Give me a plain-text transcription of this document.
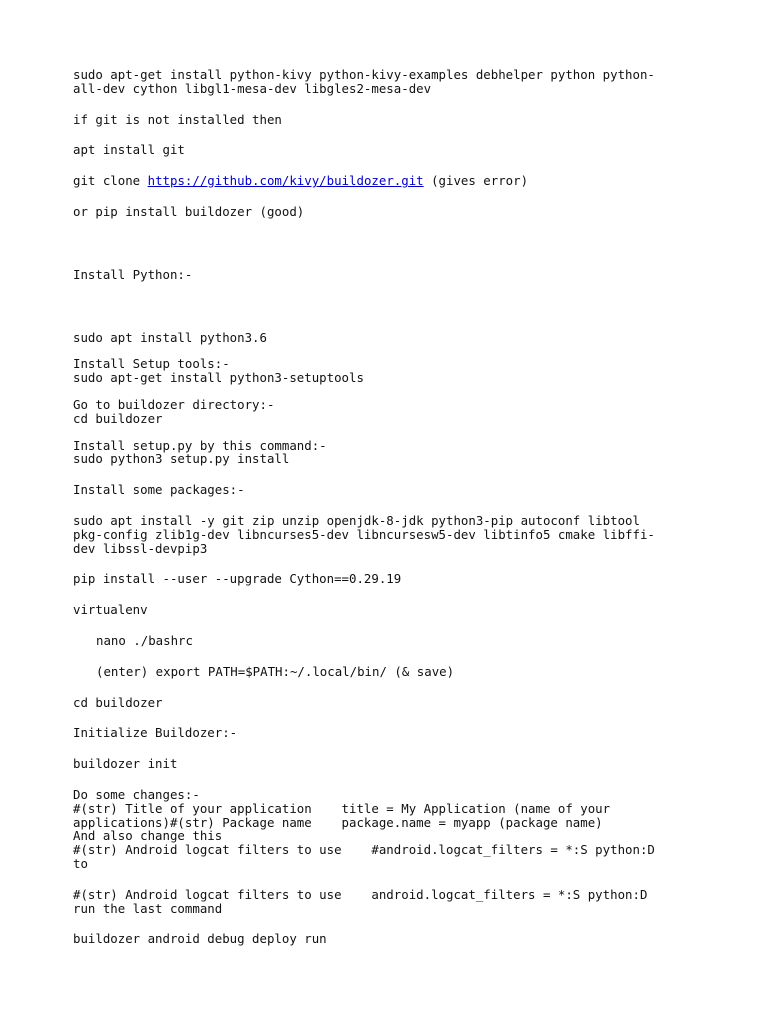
sudo apt-get install python-kivy python-kivy-examples debhelper python python-
all-dev cython libgl1-mesa-dev libgles2-mesa-dev
if git is not installed then
apt install git
git clone https://github.com/kivy/buildozer.git (gives error)
or pip install buildozer (good)
Install Python:-
sudo apt install python3.6
Install Setup tools:-
sudo apt-get install python3-setuptools
Go to buildozer directory:-
cd buildozer
Install setup.py by this command:-
sudo python3 setup.py install
Install some packages:-
sudo apt install -y git zip unzip openjdk-8-jdk python3-pip autoconf libtool
pkg-config zlib1g-dev libncurses5-dev libncursesw5-dev libtinfo5 cmake libffi-
dev libssl-devpip3
pip install --user --upgrade Cython==0.29.19
virtualenv
nano ./bashrc
(enter) export PATH=$PATH:~/.local/bin/ (& save)
cd buildozer
Initialize Buildozer:-
buildozer init
Do some changes:-
#(str) Title of your application    title = My Application (name of your
applications)#(str) Package name    package.name = myapp (package name)
And also change this
#(str) Android logcat filters to use    #android.logcat_filters = *:S python:D
to
#(str) Android logcat filters to use    android.logcat_filters = *:S python:D
run the last command
buildozer android debug deploy run
